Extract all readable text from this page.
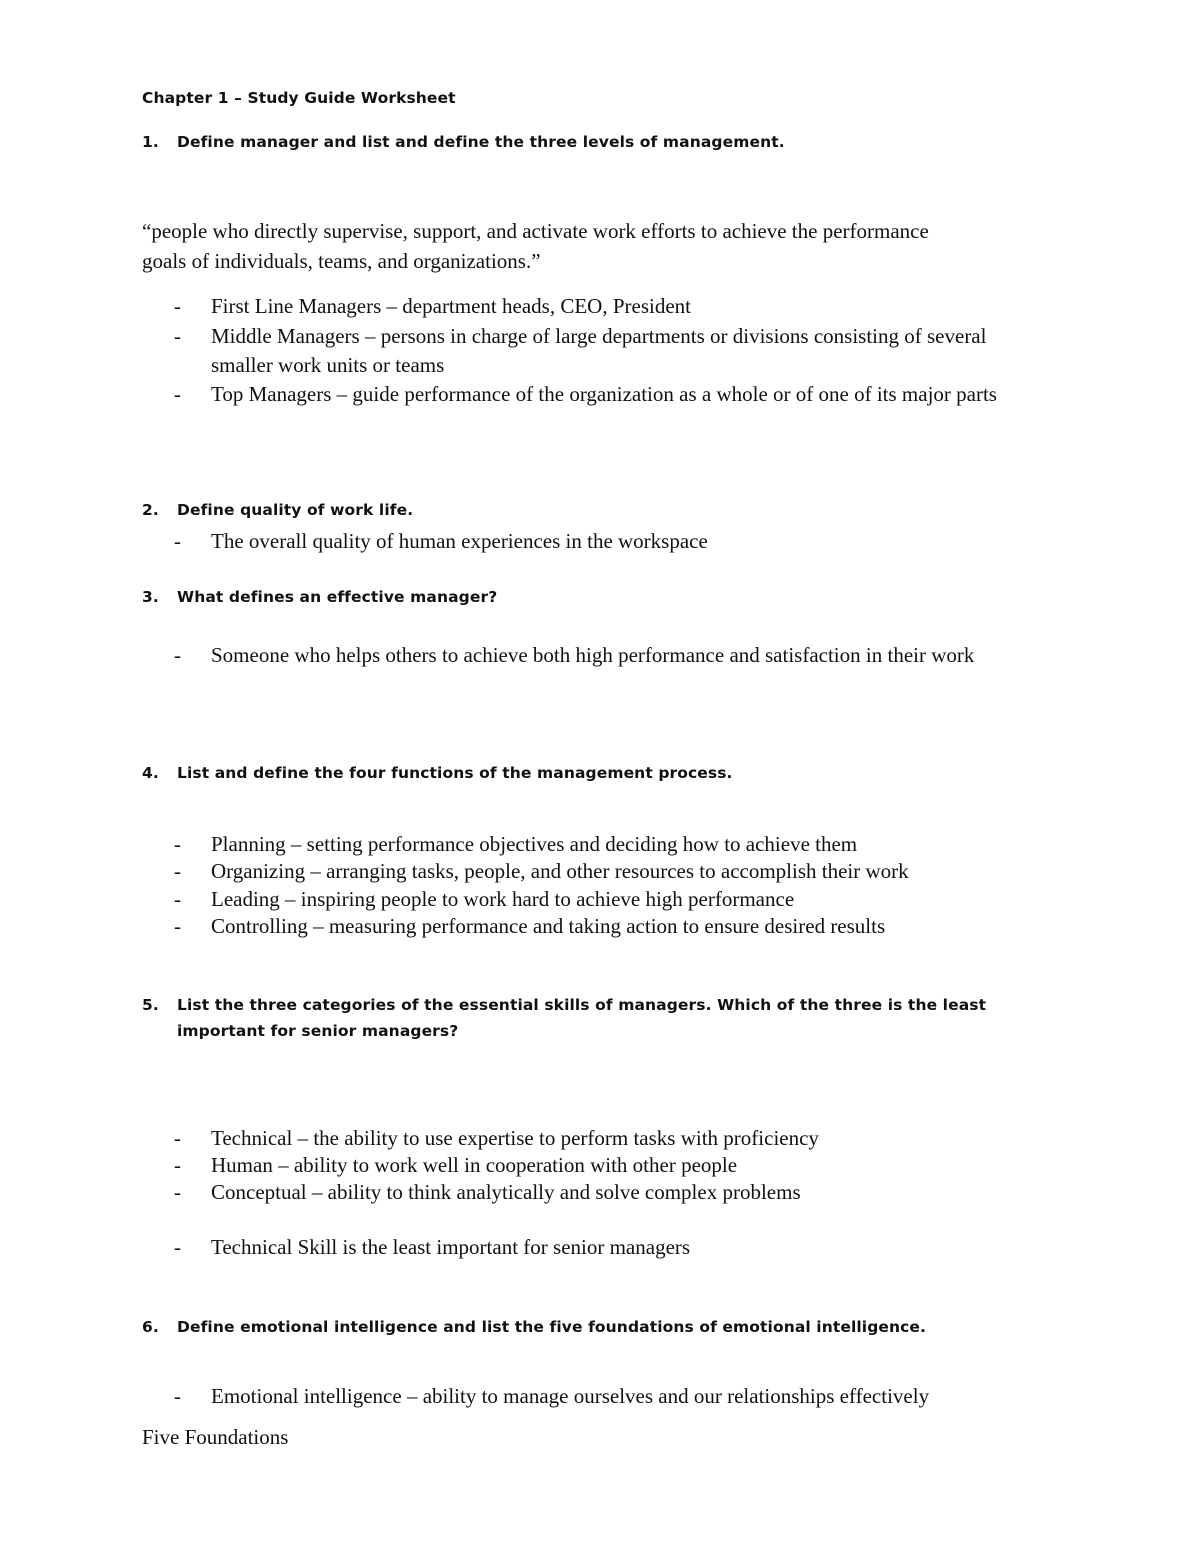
Chapter 1 – Study Guide Worksheet
1. Define manager and list and define the three levels of management.
“people who directly supervise, support, and activate work efforts to achieve the performance
goals of individuals, teams, and organizations.”
- First Line Managers – department heads, CEO, President
- Middle Managers – persons in charge of large departments or divisions consisting of several smaller work units or teams
- Top Managers – guide performance of the organization as a whole or of one of its major parts
2. Define quality of work life.
- The overall quality of human experiences in the workspace
3. What defines an effective manager?
- Someone who helps others to achieve both high performance and satisfaction in their work
4. List and define the four functions of the management process.
- Planning – setting performance objectives and deciding how to achieve them
- Organizing – arranging tasks, people, and other resources to accomplish their work
- Leading – inspiring people to work hard to achieve high performance
- Controlling – measuring performance and taking action to ensure desired results
5. List the three categories of the essential skills of managers. Which of the three is the least
important for senior managers?
- Technical – the ability to use expertise to perform tasks with proficiency
- Human – ability to work well in cooperation with other people
- Conceptual – ability to think analytically and solve complex problems
- Technical Skill is the least important for senior managers
6. Define emotional intelligence and list the five foundations of emotional intelligence.
- Emotional intelligence – ability to manage ourselves and our relationships effectively
Five Foundations
